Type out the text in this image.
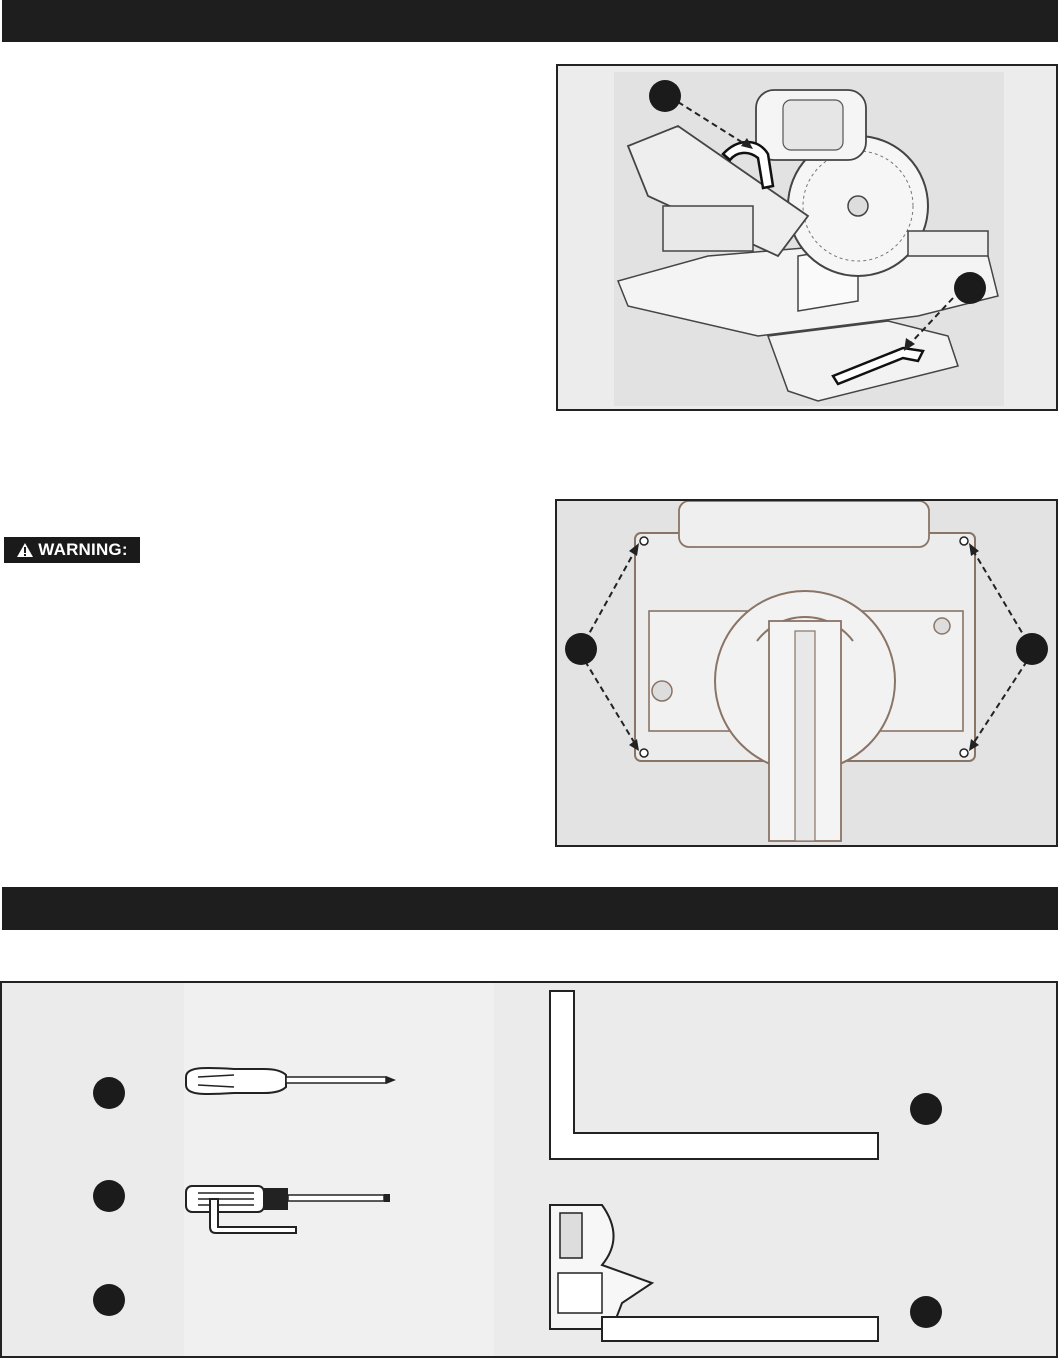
WARNING:
